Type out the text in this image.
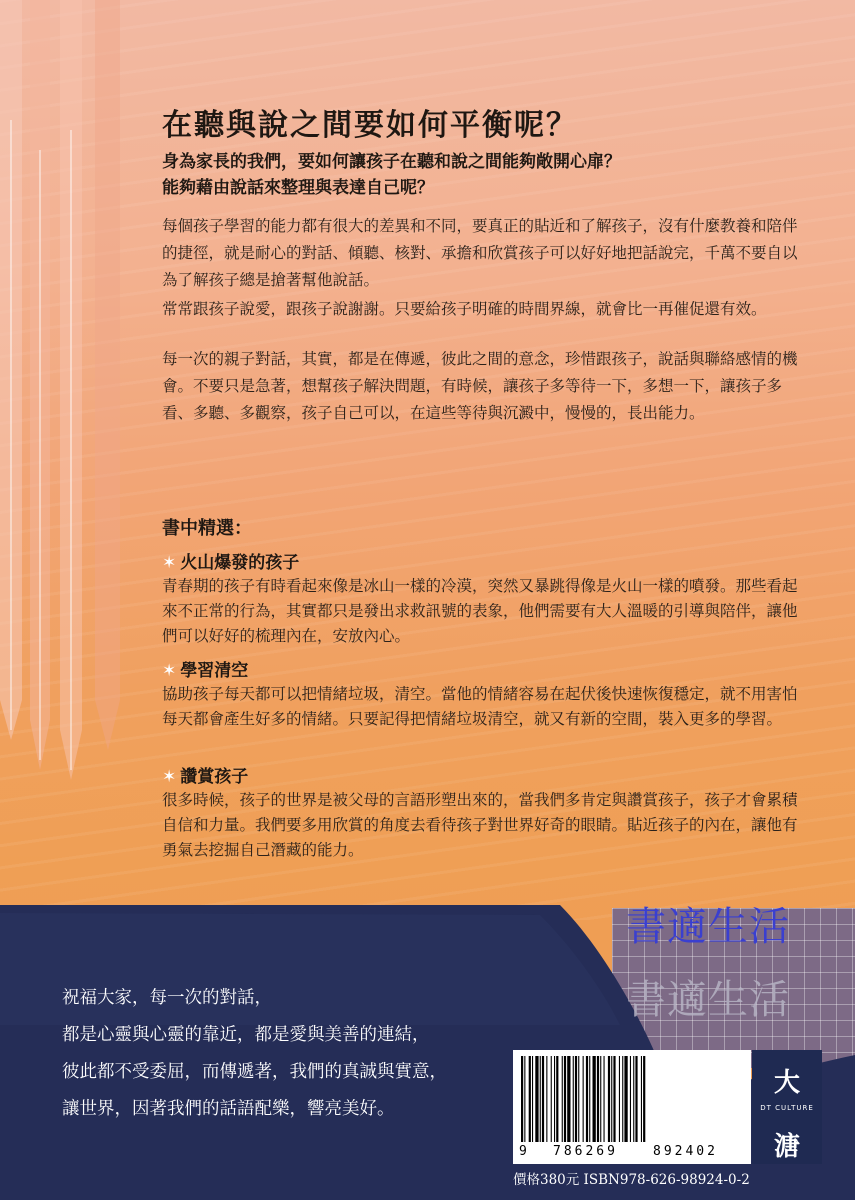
在聽與說之間要如何平衡呢？
身為家長的我們，要如何讓孩子在聽和說之間能夠敞開心扉？
能夠藉由說話來整理與表達自己呢？

每個孩子學習的能力都有很大的差異和不同，要真正的貼近和了解孩子，沒有什麼教養和陪伴的捷徑，就是耐心的對話、傾聽、核對、承擔和欣賞孩子可以好好地把話說完，千萬不要自以為了解孩子總是搶著幫他說話。

常常跟孩子說愛，跟孩子說謝謝。只要給孩子明確的時間界線，就會比一再催促還有效。

每一次的親子對話，其實，都是在傳遞，彼此之間的意念，珍惜跟孩子，說話與聯絡感情的機會。不要只是急著，想幫孩子解決問題，有時候，讓孩子多等待一下，多想一下，讓孩子多看、多聽、多觀察，孩子自己可以，在這些等待與沉澱中，慢慢的，長出能力。

書中精選：
✶ 火山爆發的孩子

青春期的孩子有時看起來像是冰山一樣的冷漠，突然又暴跳得像是火山一樣的噴發。那些看起來不正常的行為，其實都只是發出求救訊號的表象，他們需要有大人溫暖的引導與陪伴，讓他們可以好好的梳理內在，安放內心。

✶ 學習清空

協助孩子每天都可以把情緒垃圾，清空。當他的情緒容易在起伏後快速恢復穩定，就不用害怕每天都會產生好多的情緒。只要記得把情緒垃圾清空，就又有新的空間，裝入更多的學習。

✶ 讚賞孩子

很多時候，孩子的世界是被父母的言語形塑出來的，當我們多肯定與讚賞孩子，孩子才會累積自信和力量。我們要多用欣賞的角度去看待孩子對世界好奇的眼睛。貼近孩子的內在，讓他有勇氣去挖掘自己潛藏的能力。

書適生活
書適生活
祝福大家，每一次的對話，
都是心靈與心靈的靠近，都是愛與美善的連結，
彼此都不受委屈，而傳遞著，我們的真誠與實意，
讓世界，因著我們的話語配樂，響亮美好。
9 786269	892402
大
DT CULTURE
溏
價格380元 ISBN978-626-98924-0-2
